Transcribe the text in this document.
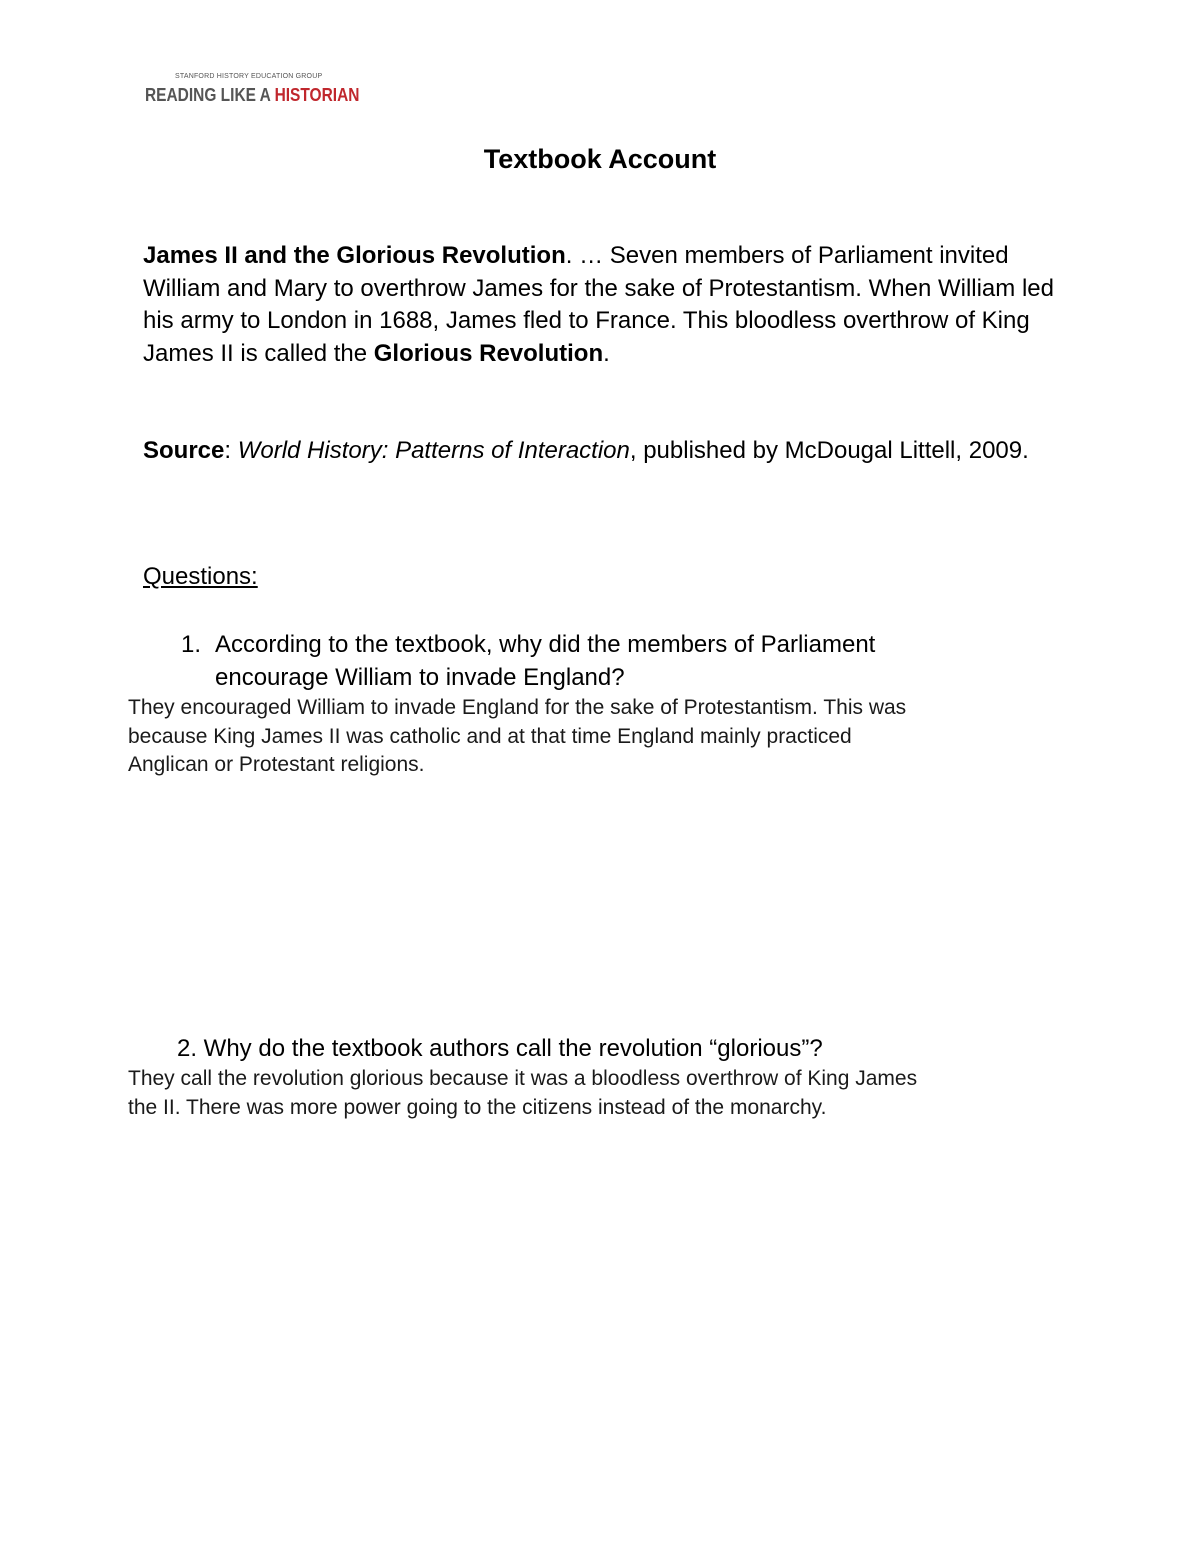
STANFORD HISTORY EDUCATION GROUP
READING LIKE A HISTORIAN
Textbook Account
James II and the Glorious Revolution. … Seven members of Parliament invited William and Mary to overthrow James for the sake of Protestantism. When William led his army to London in 1688, James fled to France. This bloodless overthrow of King James II is called the Glorious Revolution.
Source: World History: Patterns of Interaction, published by McDougal Littell, 2009.
Questions:
1. According to the textbook, why did the members of Parliament
encourage William to invade England?
They encouraged William to invade England for the sake of Protestantism. This was because King James II was catholic and at that time England mainly practiced Anglican or Protestant religions.
2. Why do the textbook authors call the revolution “glorious”?
They call the revolution glorious because it was a bloodless overthrow of King James the II. There was more power going to the citizens instead of the monarchy.
